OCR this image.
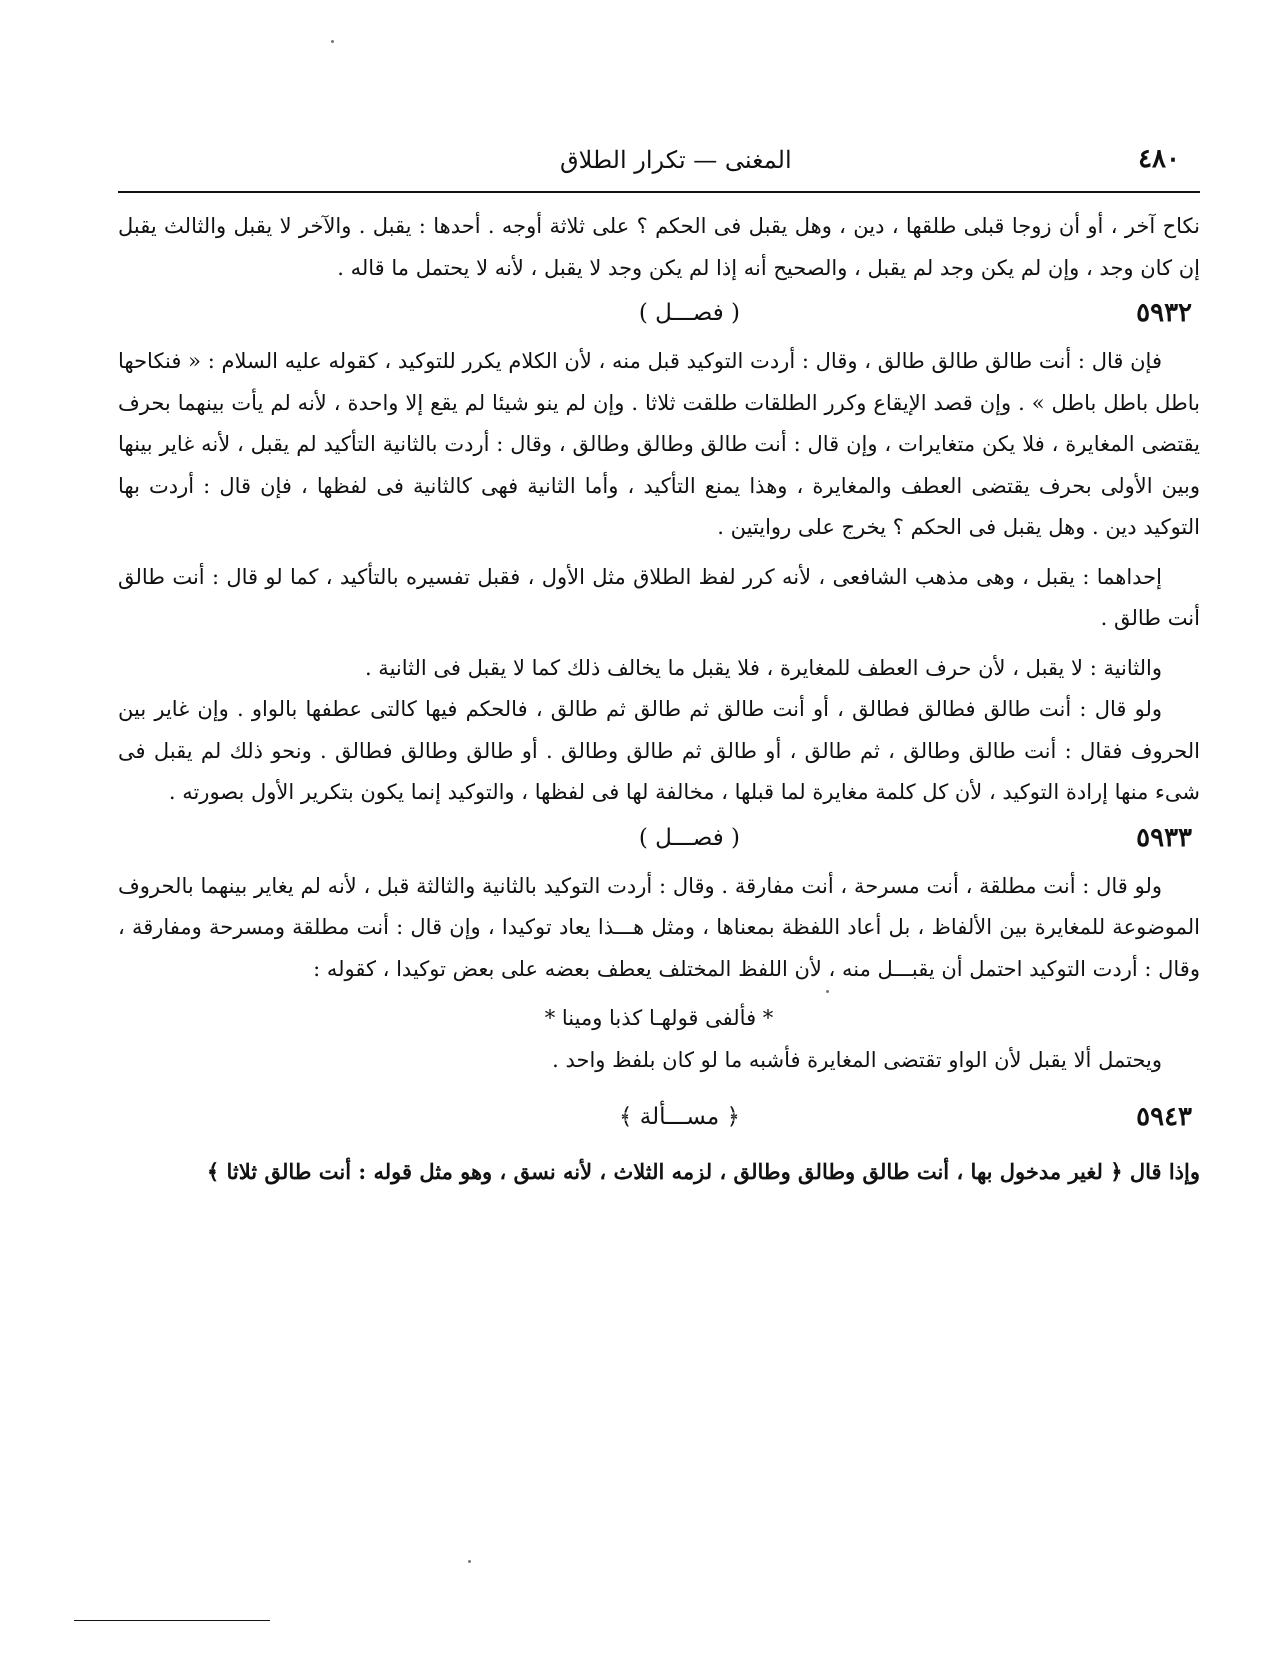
٤٨٠
المغنى — تكرار الطلاق

نكاح آخر ، أو أن زوجا قبلى طلقها ، دين ، وهل يقبل فى الحكم ؟ على ثلاثة أوجه . أحدها : يقبل . والآخر لا يقبل والثالث يقبل إن كان وجد ، وإن لم يكن وجد لم يقبل ، والصحيح أنه إذا لم يكن وجد لا يقبل ، لأنه لا يحتمل ما قاله .

٥٩٣٢
( فصـــل )

فإن قال : أنت طالق طالق طالق ، وقال : أردت التوكيد قبل منه ، لأن الكلام يكرر للتوكيد ، كقوله عليه السلام : « فنكاحها باطل باطل باطل » . وإن قصد الإيقاع وكرر الطلقات طلقت ثلاثا . وإن لم ينو شيئا لم يقع إلا واحدة ، لأنه لم يأت بينهما بحرف يقتضى المغايرة ، فلا يكن متغايرات ، وإن قال : أنت طالق وطالق وطالق ، وقال : أردت بالثانية التأكيد لم يقبل ، لأنه غاير بينها وبين الأولى بحرف يقتضى العطف والمغايرة ، وهذا يمنع التأكيد ، وأما الثانية فهى كالثانية فى لفظها ، فإن قال : أردت بها التوكيد دين . وهل يقبل فى الحكم ؟ يخرج على روايتين .

إحداهما : يقبل ، وهى مذهب الشافعى ، لأنه كرر لفظ الطلاق مثل الأول ، فقبل تفسيره بالتأكيد ، كما لو قال : أنت طالق أنت طالق .

والثانية : لا يقبل ، لأن حرف العطف للمغايرة ، فلا يقبل ما يخالف ذلك كما لا يقبل فى الثانية .

ولو قال : أنت طالق فطالق فطالق ، أو أنت طالق ثم طالق ثم طالق ، فالحكم فيها كالتى عطفها بالواو . وإن غاير بين الحروف فقال : أنت طالق وطالق ، ثم طالق ، أو طالق ثم طالق وطالق . أو طالق وطالق فطالق . ونحو ذلك لم يقبل فى شىء منها إرادة التوكيد ، لأن كل كلمة مغايرة لما قبلها ، مخالفة لها فى لفظها ، والتوكيد إنما يكون بتكرير الأول بصورته .

٥٩٣٣
( فصـــل )

ولو قال : أنت مطلقة ، أنت مسرحة ، أنت مفارقة . وقال : أردت التوكيد بالثانية والثالثة قبل ، لأنه لم يغاير بينهما بالحروف الموضوعة للمغايرة بين الألفاظ ، بل أعاد اللفظة بمعناها ، ومثل هـــذا يعاد توكيدا ، وإن قال : أنت مطلقة ومسرحة ومفارقة ، وقال : أردت التوكيد احتمل أن يقبـــل منه ، لأن اللفظ المختلف يعطف بعضه على بعض توكيدا ، كقوله :

* فألفى قولهـا كذبا ومينا *

ويحتمل ألا يقبل لأن الواو تقتضى المغايرة فأشبه ما لو كان بلفظ واحد .

٥٩٤٣
﴿ مســـألة ﴾

وإذا قال ﴿ لغير مدخول بها ، أنت طالق وطالق وطالق ، لزمه الثلاث ، لأنه نسق ، وهو مثل قوله : أنت طالق ثلاثا ﴾
